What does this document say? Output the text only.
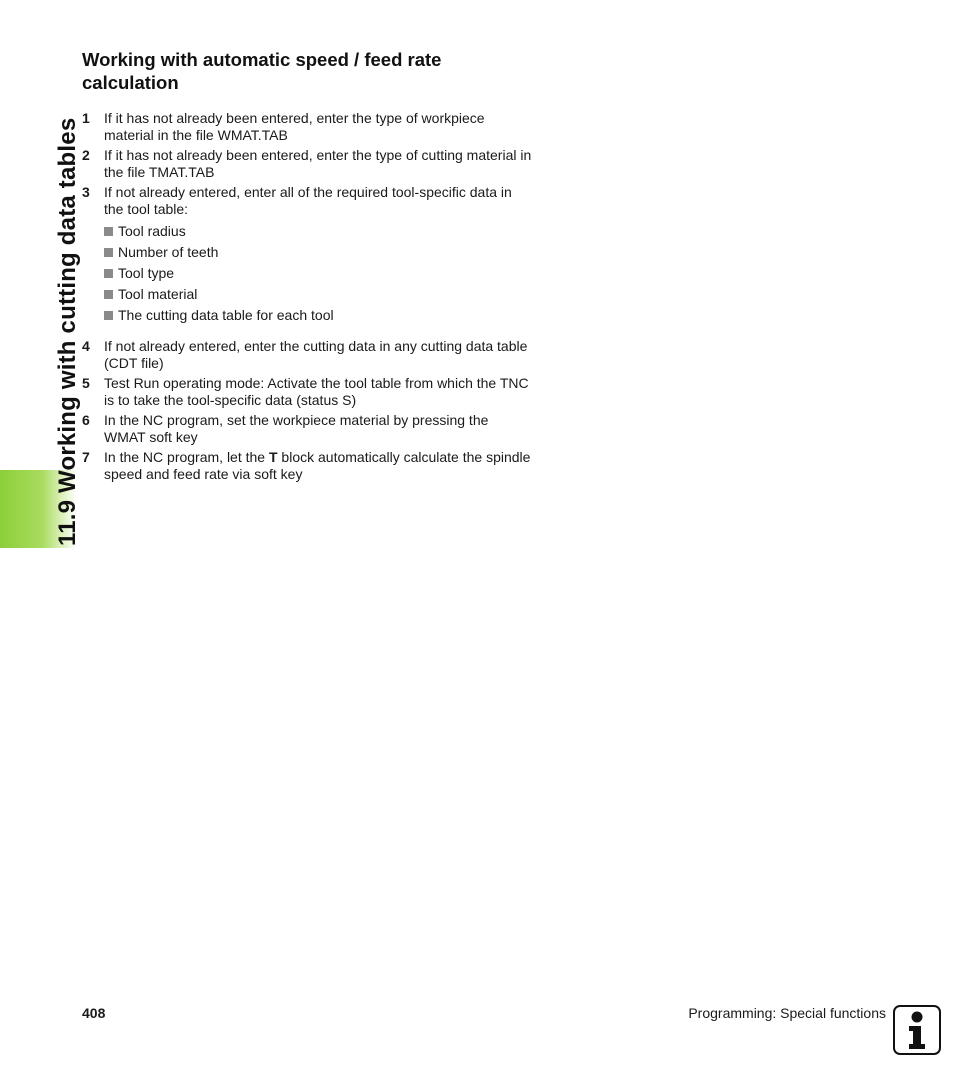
11.9 Working with cutting data tables
Working with automatic speed / feed rate calculation
1	If it has not already been entered, enter the type of workpiece material in the file WMAT.TAB
2	If it has not already been entered, enter the type of cutting material in the file TMAT.TAB
3	If not already entered, enter all of the required tool-specific data in the tool table:
Tool radius
Number of teeth
Tool type
Tool material
The cutting data table for each tool
4	If not already entered, enter the cutting data in any cutting data table (CDT file)
5	Test Run operating mode: Activate the tool table from which the TNC is to take the tool-specific data (status S)
6	In the NC program, set the workpiece material by pressing the WMAT soft key
7	In the NC program, let the T block automatically calculate the spindle speed and feed rate via soft key
408	Programming: Special functions
